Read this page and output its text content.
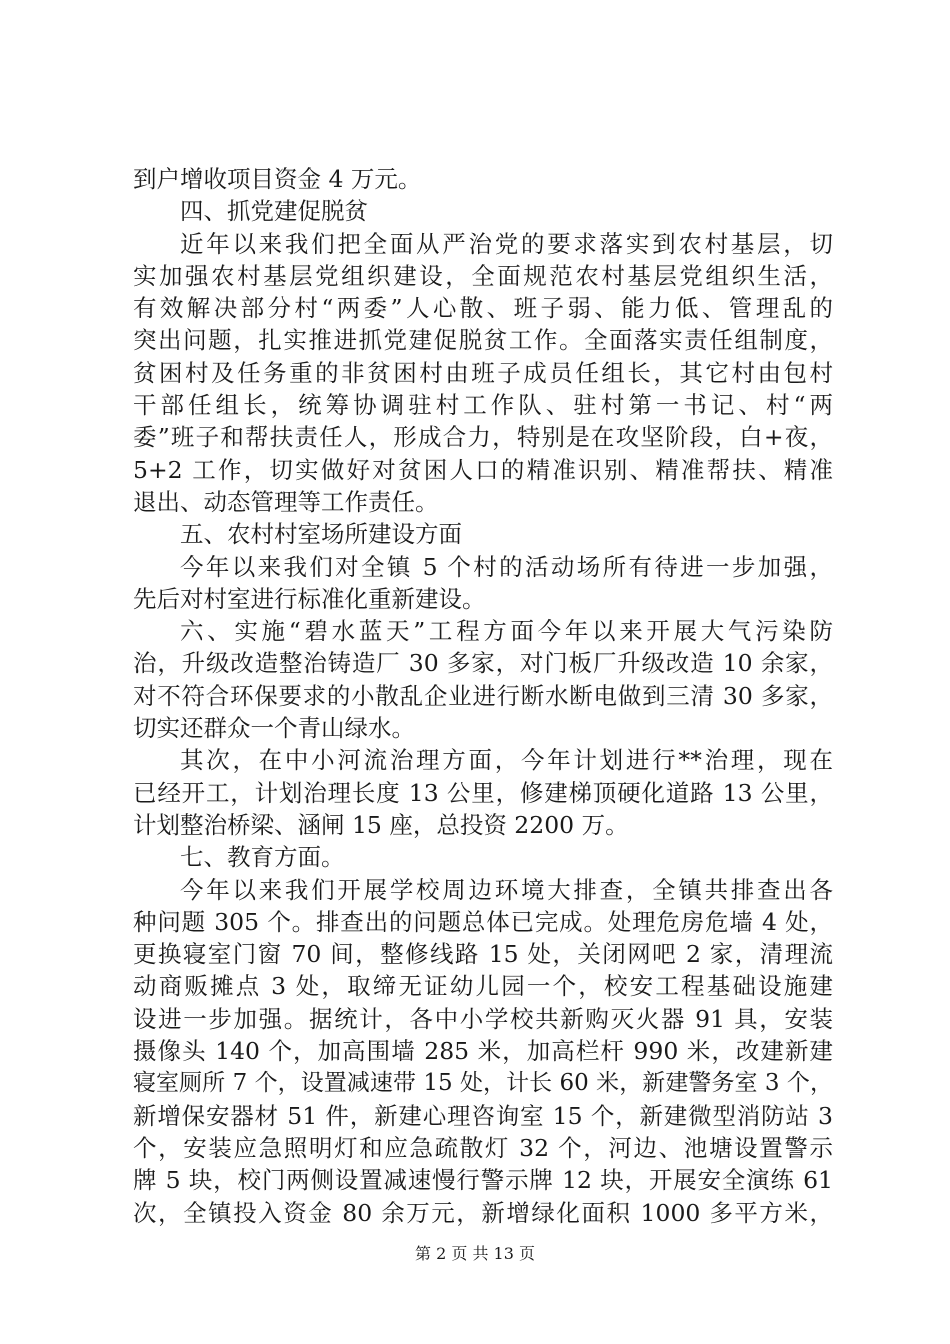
到户增收项目资金 4 万元。
四、抓党建促脱贫
近年以来我们把全面从严治党的要求落实到农村基层，切
实加强农村基层党组织建设，全面规范农村基层党组织生活，
有效解决部分村“两委”人心散、班子弱、能力低、管理乱的
突出问题，扎实推进抓党建促脱贫工作。全面落实责任组制度，
贫困村及任务重的非贫困村由班子成员任组长，其它村由包村
干部任组长，统筹协调驻村工作队、驻村第一书记、村“两
委”班子和帮扶责任人，形成合力，特别是在攻坚阶段，白+夜，
5+2 工作，切实做好对贫困人口的精准识别、精准帮扶、精准
退出、动态管理等工作责任。
五、农村村室场所建设方面
今年以来我们对全镇 5 个村的活动场所有待进一步加强，
先后对村室进行标准化重新建设。
六、实施“碧水蓝天”工程方面今年以来开展大气污染防
治，升级改造整治铸造厂 30 多家，对门板厂升级改造 10 余家，
对不符合环保要求的小散乱企业进行断水断电做到三清 30 多家，
切实还群众一个青山绿水。
其次，在中小河流治理方面，今年计划进行**治理，现在
已经开工，计划治理长度 13 公里，修建梯顶硬化道路 13 公里，
计划整治桥梁、涵闸 15 座，总投资 2200 万。
七、教育方面。
今年以来我们开展学校周边环境大排查，全镇共排查出各
种问题 305 个。排查出的问题总体已完成。处理危房危墙 4 处，
更换寝室门窗 70 间，整修线路 15 处，关闭网吧 2 家，清理流
动商贩摊点 3 处，取缔无证幼儿园一个，校安工程基础设施建
设进一步加强。据统计，各中小学校共新购灭火器 91 具，安装
摄像头 140 个，加高围墙 285 米，加高栏杆 990 米，改建新建
寝室厕所 7 个，设置减速带 15 处，计长 60 米，新建警务室 3 个，
新增保安器材 51 件，新建心理咨询室 15 个，新建微型消防站 3
个，安装应急照明灯和应急疏散灯 32 个，河边、池塘设置警示
牌 5 块，校门两侧设置减速慢行警示牌 12 块，开展安全演练 61
次，全镇投入资金 80 余万元，新增绿化面积 1000 多平方米，
第 2 页 共 13 页
